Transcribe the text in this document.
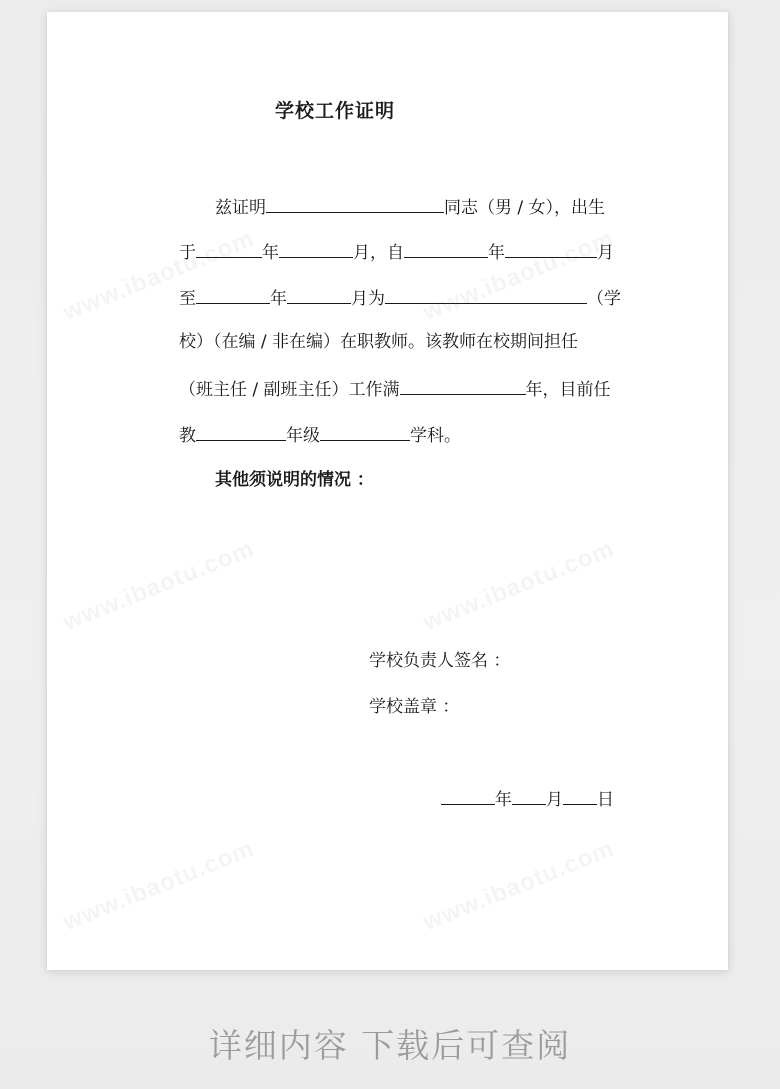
学校工作证明
兹证明	同志（男 / 女），出生
于	年	月，自	年	月
至	年	月为	（学
校）（在编 / 非在编）在职教师。该教师在校期间担任
（班主任 / 副班主任）工作满	年，目前任
教	年级	学科。
其他须说明的情况 ：
学校负责人签名 ：
学校盖章 ：
年 月 日
详细内容 下载后可查阅
